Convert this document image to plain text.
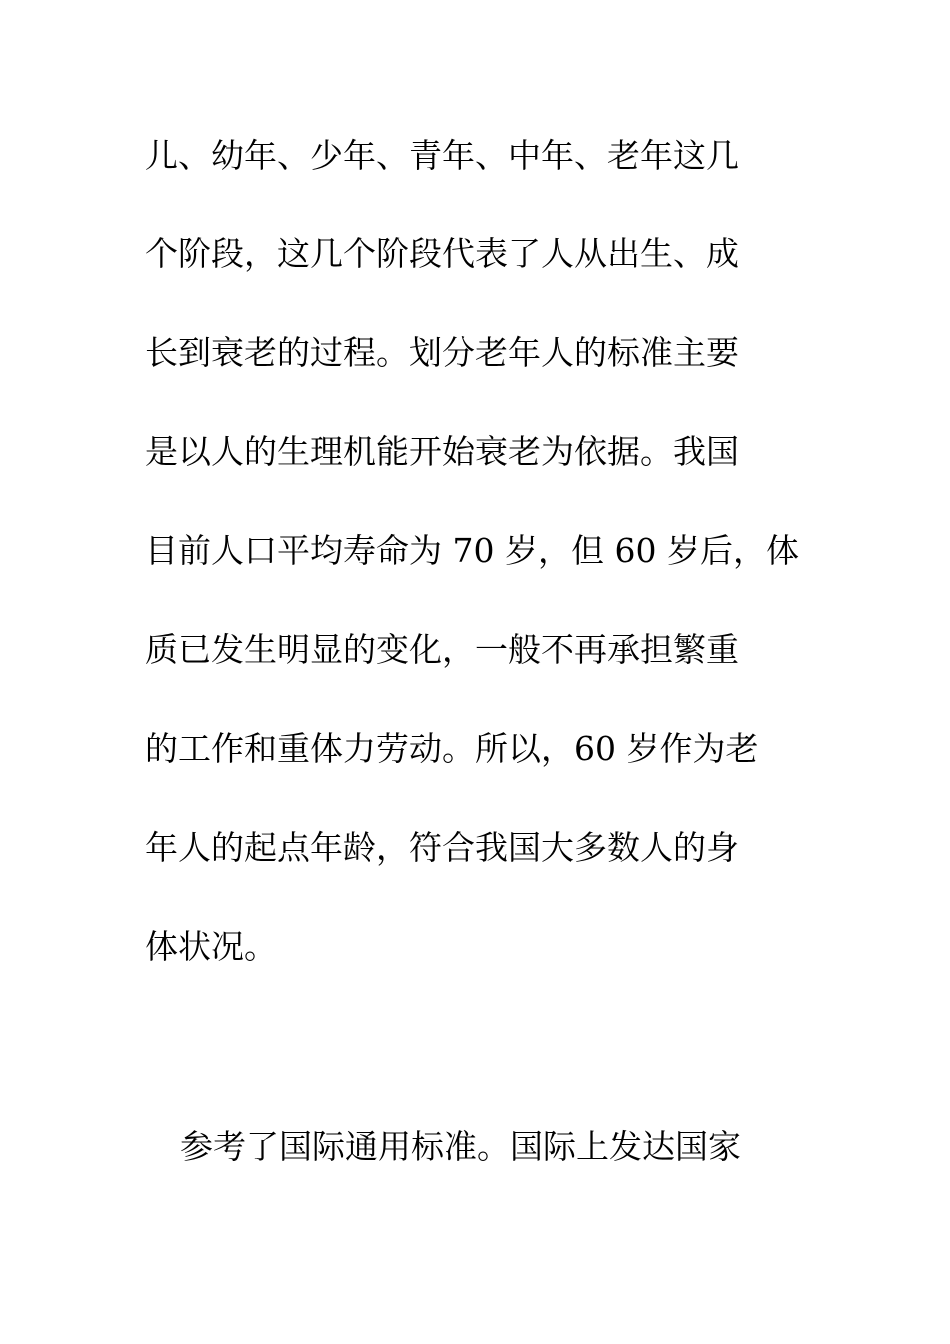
儿、幼年、少年、青年、中年、老年这几
个阶段，这几个阶段代表了人从出生、成
长到衰老的过程。划分老年人的标准主要
是以人的生理机能开始衰老为依据。我国
目前人口平均寿命为 70 岁，但 60 岁后，体
质已发生明显的变化，一般不再承担繁重
的工作和重体力劳动。所以，60 岁作为老
年人的起点年龄，符合我国大多数人的身
体状况。
参考了国际通用标准。国际上发达国家
